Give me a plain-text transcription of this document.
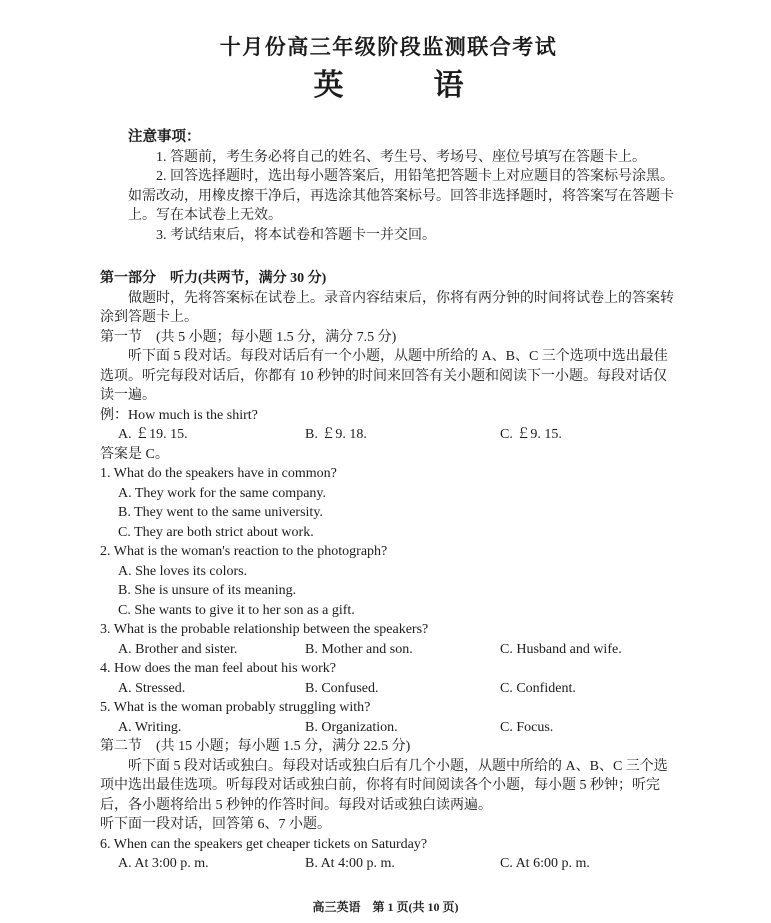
十月份高三年级阶段监测联合考试
英　　　语
注意事项：
1. 答题前，考生务必将自己的姓名、考生号、考场号、座位号填写在答题卡上。
2. 回答选择题时，选出每小题答案后，用铅笔把答题卡上对应题目的答案标号涂黑。如需改动，用橡皮擦干净后，再选涂其他答案标号。回答非选择题时，将答案写在答题卡上。写在本试卷上无效。
3. 考试结束后，将本试卷和答题卡一并交回。
第一部分　听力(共两节，满分 30 分)
做题时，先将答案标在试卷上。录音内容结束后，你将有两分钟的时间将试卷上的答案转涂到答题卡上。
第一节　(共 5 小题；每小题 1.5 分，满分 7.5 分)
听下面 5 段对话。每段对话后有一个小题，从题中所给的 A、B、C 三个选项中选出最佳选项。听完每段对话后，你都有 10 秒钟的时间来回答有关小题和阅读下一小题。每段对话仅读一遍。
例：How much is the shirt?
A. ￡19. 15.	B. ￡9. 18.	C. ￡9. 15.
答案是 C。
1. What do the speakers have in common?
A. They work for the same company.
B. They went to the same university.
C. They are both strict about work.
2. What is the woman's reaction to the photograph?
A. She loves its colors.
B. She is unsure of its meaning.
C. She wants to give it to her son as a gift.
3. What is the probable relationship between the speakers?
A. Brother and sister.	B. Mother and son.	C. Husband and wife.
4. How does the man feel about his work?
A. Stressed.	B. Confused.	C. Confident.
5. What is the woman probably struggling with?
A. Writing.	B. Organization.	C. Focus.
第二节　(共 15 小题；每小题 1.5 分，满分 22.5 分)
听下面 5 段对话或独白。每段对话或独白后有几个小题，从题中所给的 A、B、C 三个选项中选出最佳选项。听每段对话或独白前，你将有时间阅读各个小题，每小题 5 秒钟；听完后，各小题将给出 5 秒钟的作答时间。每段对话或独白读两遍。
听下面一段对话，回答第 6、7 小题。
6. When can the speakers get cheaper tickets on Saturday?
A. At 3:00 p. m.	B. At 4:00 p. m.	C. At 6:00 p. m.
高三英语　第 1 页(共 10 页)
